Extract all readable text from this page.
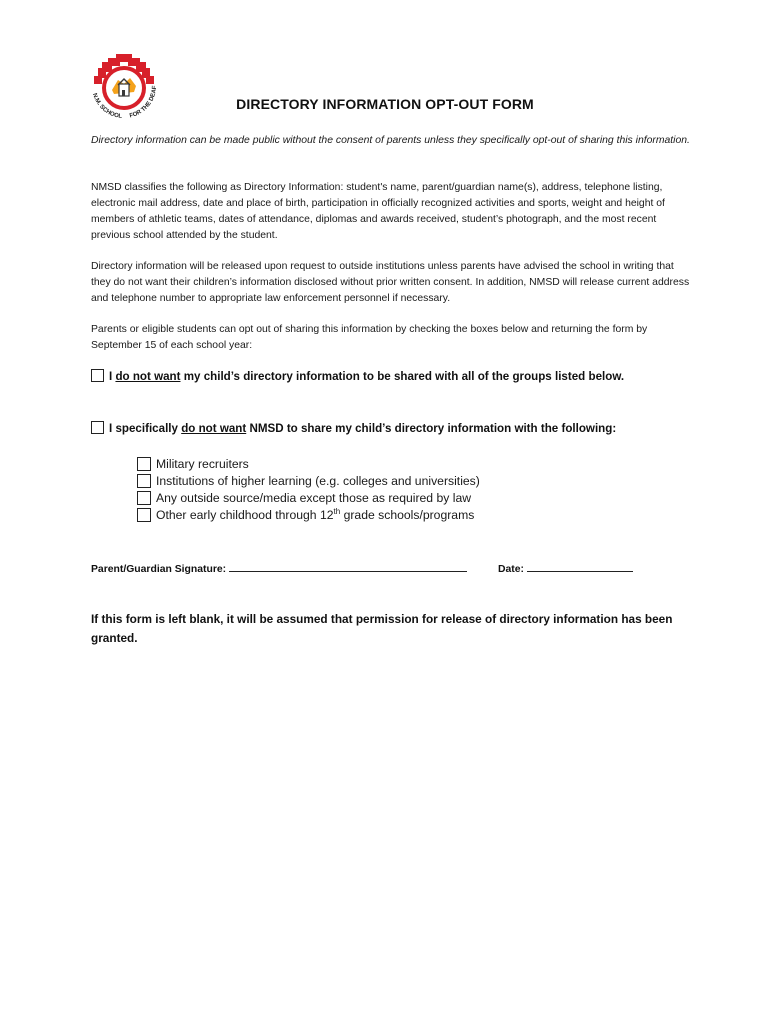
N.M. SCHOOL FOR THE DEAF
DIRECTORY INFORMATION OPT-OUT FORM
Directory information can be made public without the consent of parents unless they specifically opt-out of sharing this information.
NMSD classifies the following as Directory Information: student's name, parent/guardian name(s), address, telephone listing, electronic mail address, date and place of birth, participation in officially recognized activities and sports, weight and height of members of athletic teams, dates of attendance, diplomas and awards received, student’s photograph, and the most recent previous school attended by the student.
Directory information will be released upon request to outside institutions unless parents have advised the school in writing that they do not want their children’s information disclosed without prior written consent. In addition, NMSD will release current address and telephone number to appropriate law enforcement personnel if necessary.
Parents or eligible students can opt out of sharing this information by checking the boxes below and returning the form by September 15 of each school year:
I do not want my child’s directory information to be shared with all of the groups listed below.
I specifically do not want NMSD to share my child’s directory information with the following:
Military recruiters
Institutions of higher learning (e.g. colleges and universities)
Any outside source/media except those as required by law
Other early childhood through 12th grade schools/programs
Parent/Guardian Signature:	Date:
If this form is left blank, it will be assumed that permission for release of directory information has been granted.
